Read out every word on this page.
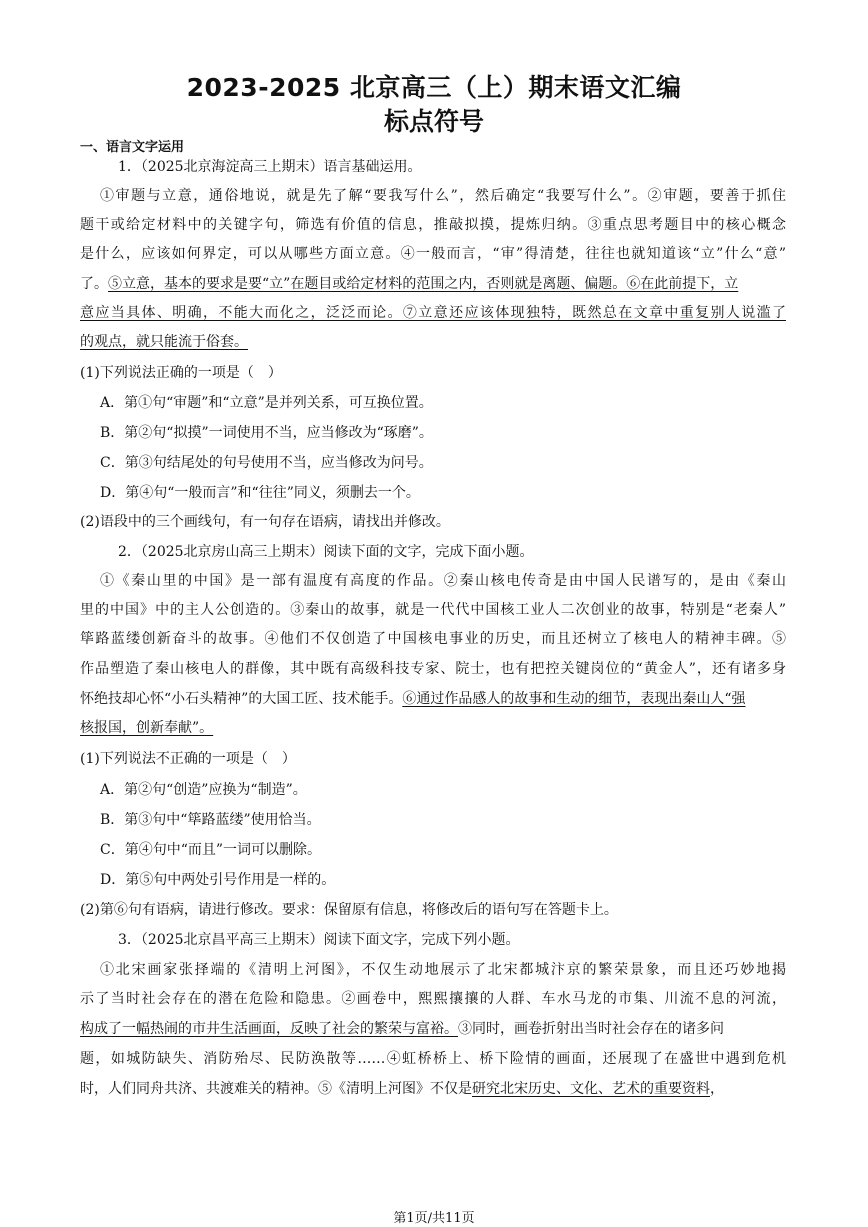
2023-2025 北京高三（上）期末语文汇编
标点符号
一、语言文字运用
1．（2025北京海淀高三上期末）语言基础运用。
①审题与立意，通俗地说，就是先了解“要我写什么”，然后确定“我要写什么”。②审题，要善于抓住
题干或给定材料中的关键字句，筛选有价值的信息，推敲拟摸，提炼归纳。③重点思考题目中的核心概念
是什么，应该如何界定，可以从哪些方面立意。④一般而言，“审”得清楚，往往也就知道该“立”什么“意”
了。⑤立意，基本的要求是要“立”在题目或给定材料的范围之内，否则就是离题、偏题。⑥在此前提下，立
意应当具体、明确，不能大而化之，泛泛而论。⑦立意还应该体现独特，既然总在文章中重复别人说滥了
的观点，就只能流于俗套。
(1)下列说法正确的一项是（　）
A．第①句“审题”和“立意”是并列关系，可互换位置。
B．第②句“拟摸”一词使用不当，应当修改为“琢磨”。
C．第③句结尾处的句号使用不当，应当修改为问号。
D．第④句“一般而言”和“往往”同义，须删去一个。
(2)语段中的三个画线句，有一句存在语病，请找出并修改。
2．（2025北京房山高三上期末）阅读下面的文字，完成下面小题。
①《秦山里的中国》是一部有温度有高度的作品。②秦山核电传奇是由中国人民谱写的，是由《秦山
里的中国》中的主人公创造的。③秦山的故事，就是一代代中国核工业人二次创业的故事，特别是“老秦人”
筚路蓝缕创新奋斗的故事。④他们不仅创造了中国核电事业的历史，而且还树立了核电人的精神丰碑。⑤
作品塑造了秦山核电人的群像，其中既有高级科技专家、院士，也有把控关键岗位的“黄金人”，还有诸多身
怀绝技却心怀“小石头精神”的大国工匠、技术能手。⑥通过作品感人的故事和生动的细节，表现出秦山人“强
核报国，创新奉献”。
(1)下列说法不正确的一项是（　）
A．第②句“创造”应换为“制造”。
B．第③句中“筚路蓝缕”使用恰当。
C．第④句中“而且”一词可以删除。
D．第⑤句中两处引号作用是一样的。
(2)第⑥句有语病，请进行修改。要求：保留原有信息，将修改后的语句写在答题卡上。
3．（2025北京昌平高三上期末）阅读下面文字，完成下列小题。
①北宋画家张择端的《清明上河图》，不仅生动地展示了北宋都城汴京的繁荣景象，而且还巧妙地揭
示了当时社会存在的潜在危险和隐患。②画卷中，熙熙攘攘的人群、车水马龙的市集、川流不息的河流，
构成了一幅热闹的市井生活画面，反映了社会的繁荣与富裕。③同时，画卷折射出当时社会存在的诸多问
题，如城防缺失、消防殆尽、民防涣散等……④虹桥桥上、桥下险情的画面，还展现了在盛世中遇到危机
时，人们同舟共济、共渡难关的精神。⑤《清明上河图》不仅是研究北宋历史、文化、艺术的重要资料，
第1页/共11页
